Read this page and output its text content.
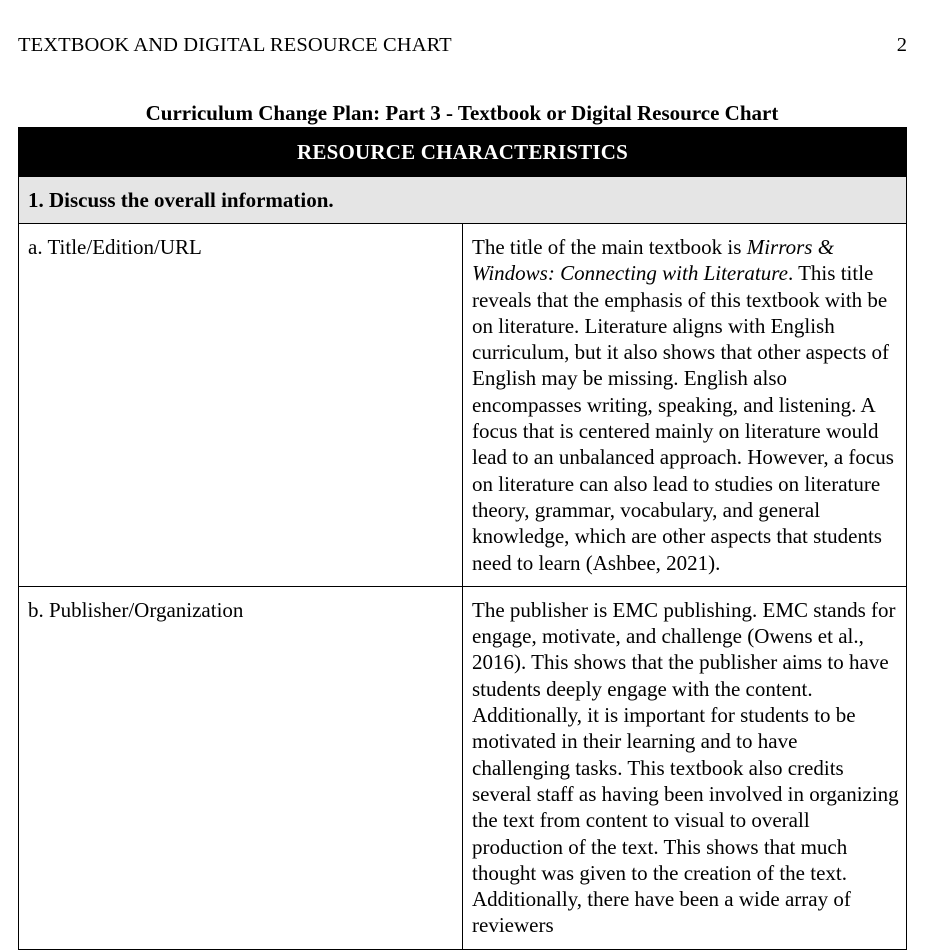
TEXTBOOK AND DIGITAL RESOURCE CHART	2
Curriculum Change Plan: Part 3 - Textbook or Digital Resource Chart
RESOURCE CHARACTERISTICS	
1. Discuss the overall information.	
a. Title/Edition/URL	The title of the main textbook is Mirrors & Windows: Connecting with Literature. This title reveals that the emphasis of this textbook with be on literature. Literature aligns with English curriculum, but it also shows that other aspects of English may be missing. English also encompasses writing, speaking, and listening. A focus that is centered mainly on literature would lead to an unbalanced approach. However, a focus on literature can also lead to studies on literature theory, grammar, vocabulary, and general knowledge, which are other aspects that students need to learn (Ashbee, 2021).
b. Publisher/Organization	The publisher is EMC publishing. EMC stands for engage, motivate, and challenge (Owens et al., 2016). This shows that the publisher aims to have students deeply engage with the content. Additionally, it is important for students to be motivated in their learning and to have challenging tasks. This textbook also credits several staff as having been involved in organizing the text from content to visual to overall production of the text. This shows that much thought was given to the creation of the text. Additionally, there have been a wide array of reviewers
